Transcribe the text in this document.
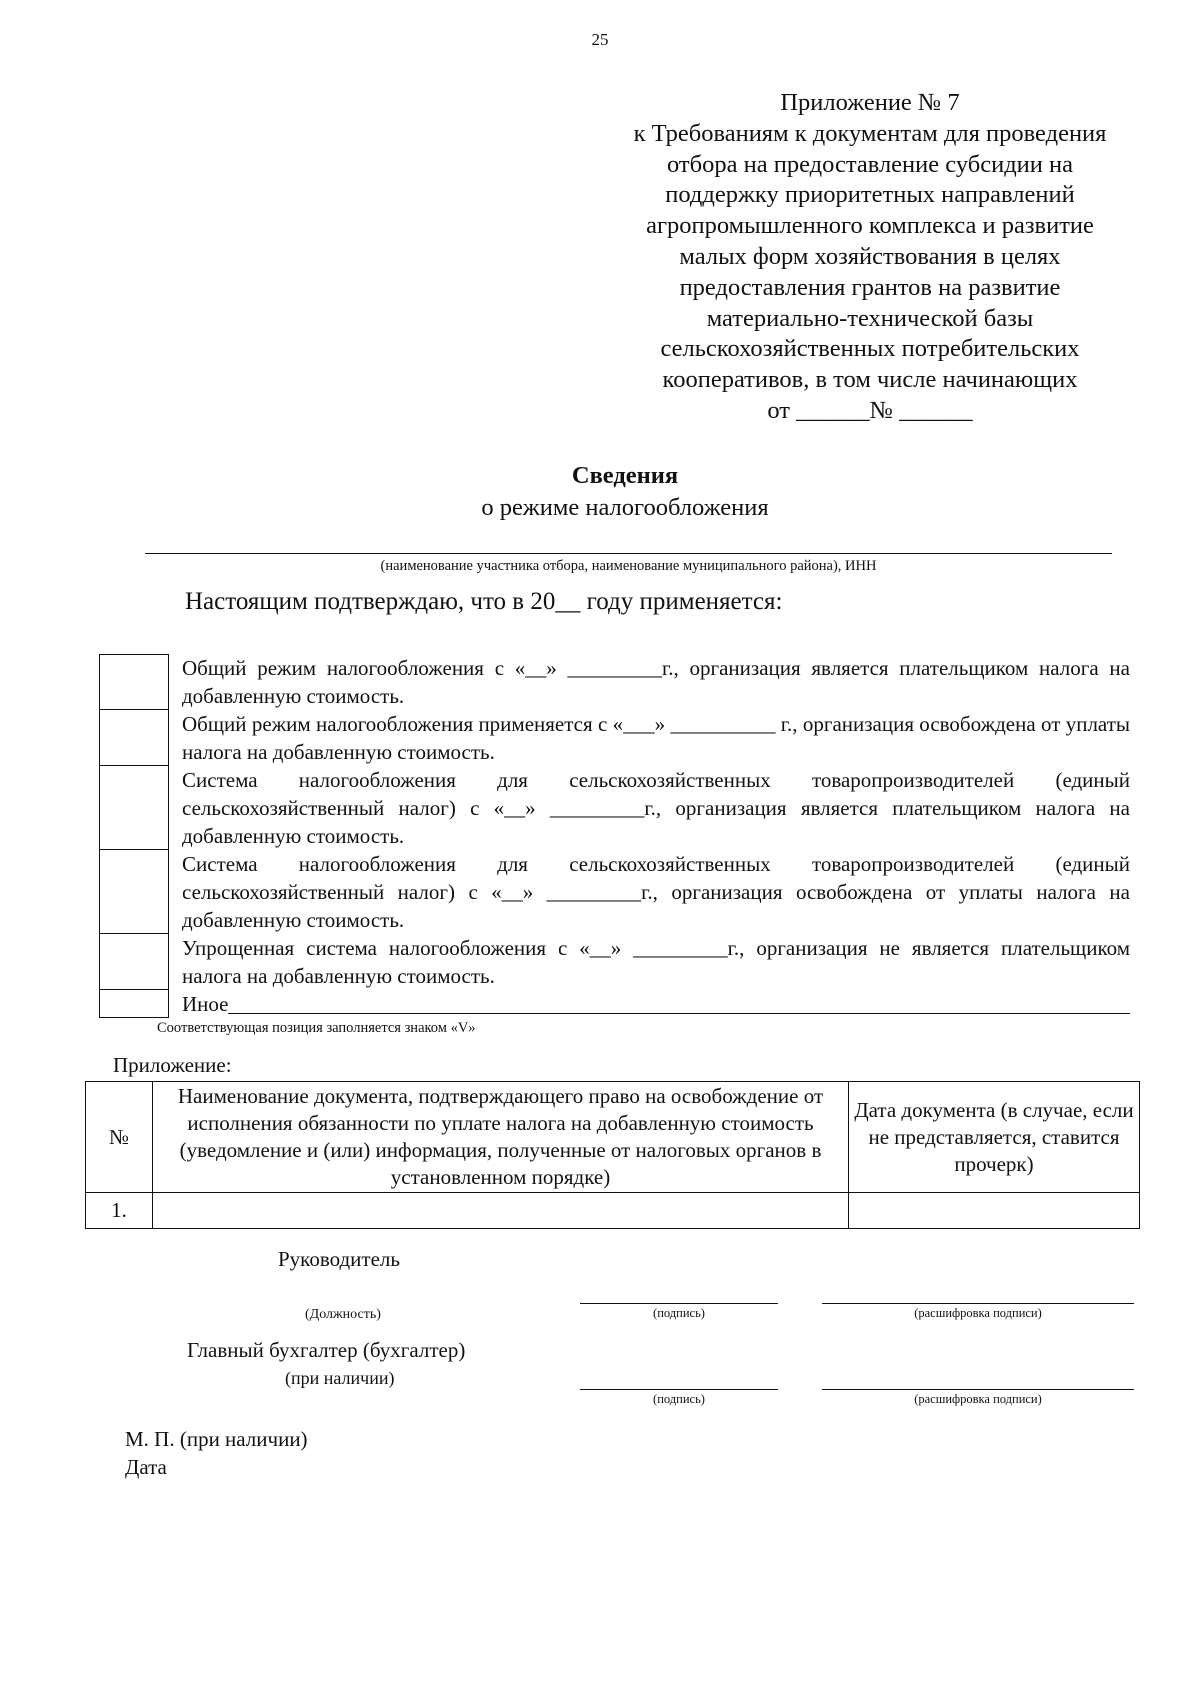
25
Приложение № 7
к Требованиям к документам для проведения
отбора на предоставление субсидии на
поддержку приоритетных направлений
агропромышленного комплекса и развитие
малых форм хозяйствования в целях
предоставления грантов на развитие
материально-технической базы
сельскохозяйственных потребительских
кооперативов, в том числе начинающих
от ______№ ______
Сведения
о режиме налогообложения
(наименование участника отбора, наименование муниципального района), ИНН
Настоящим подтверждаю, что в 20__ году применяется:
Общий режим налогообложения с «__» _________г., организация является плательщиком налога на добавленную стоимость.
Общий режим налогообложения применяется с «___» __________ г., организация освобождена от уплаты налога на добавленную стоимость.
Система налогообложения для сельскохозяйственных товаропроизводителей (единый сельскохозяйственный налог) с «__» _________г., организация является плательщиком налога на добавленную стоимость.
Система налогообложения для сельскохозяйственных товаропроизводителей (единый сельскохозяйственный налог) с «__» _________г., организация освобождена от уплаты налога на добавленную стоимость.
Упрощенная система налогообложения с «__» _________г., организация не является плательщиком налога на добавленную стоимость.
Иное
Соответствующая позиция заполняется знаком «V»
Приложение:
№	Наименование документа, подтверждающего право на освобождение от исполнения обязанности по уплате налога на добавленную стоимость (уведомление и (или) информация, полученные от налоговых органов в установленном порядке)	Дата документа (в случае, если не представляется, ставится прочерк)
1.		
Руководитель
(Должность)	(подпись)	(расшифровка подписи)
Главный бухгалтер (бухгалтер)
(при наличии)
(подпись)	(расшифровка подписи)
М. П. (при наличии)
Дата
